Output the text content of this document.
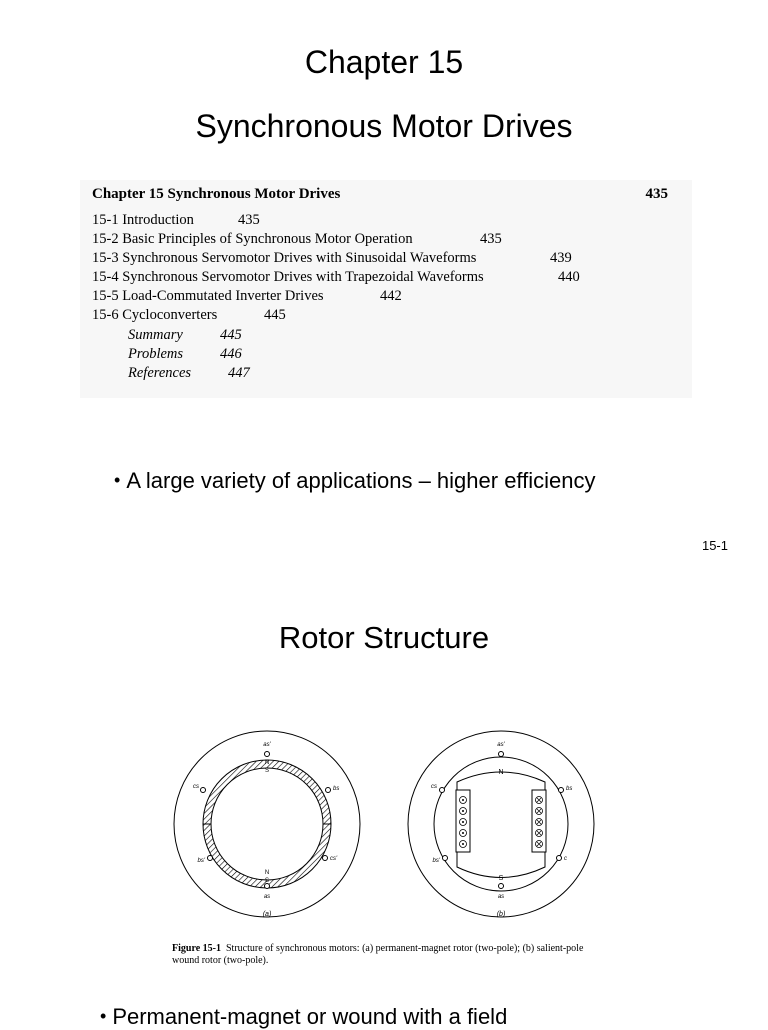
Chapter 15
Synchronous Motor Drives
Chapter 15 Synchronous Motor Drives	435
15-1 Introduction	435
15-2 Basic Principles of Synchronous Motor Operation	435
15-3 Synchronous Servomotor Drives with Sinusoidal Waveforms	439
15-4 Synchronous Servomotor Drives with Trapezoidal Waveforms	440
15-5 Load-Commutated Inverter Drives	442
15-6 Cycloconverters	445
Summary	445
Problems	446
References	447
• A large variety of applications – higher efficiency
15-1
Rotor Structure
as'
as
cs	bs
bs'	cs'
N
S
N
S
(a)
as'
as
cs	bs
bs'	c
N
S
(b)
Figure 15-1 Structure of synchronous motors: (a) permanent-magnet rotor (two-pole); (b) salient-pole wound rotor (two-pole).
• Permanent-magnet or wound with a field
